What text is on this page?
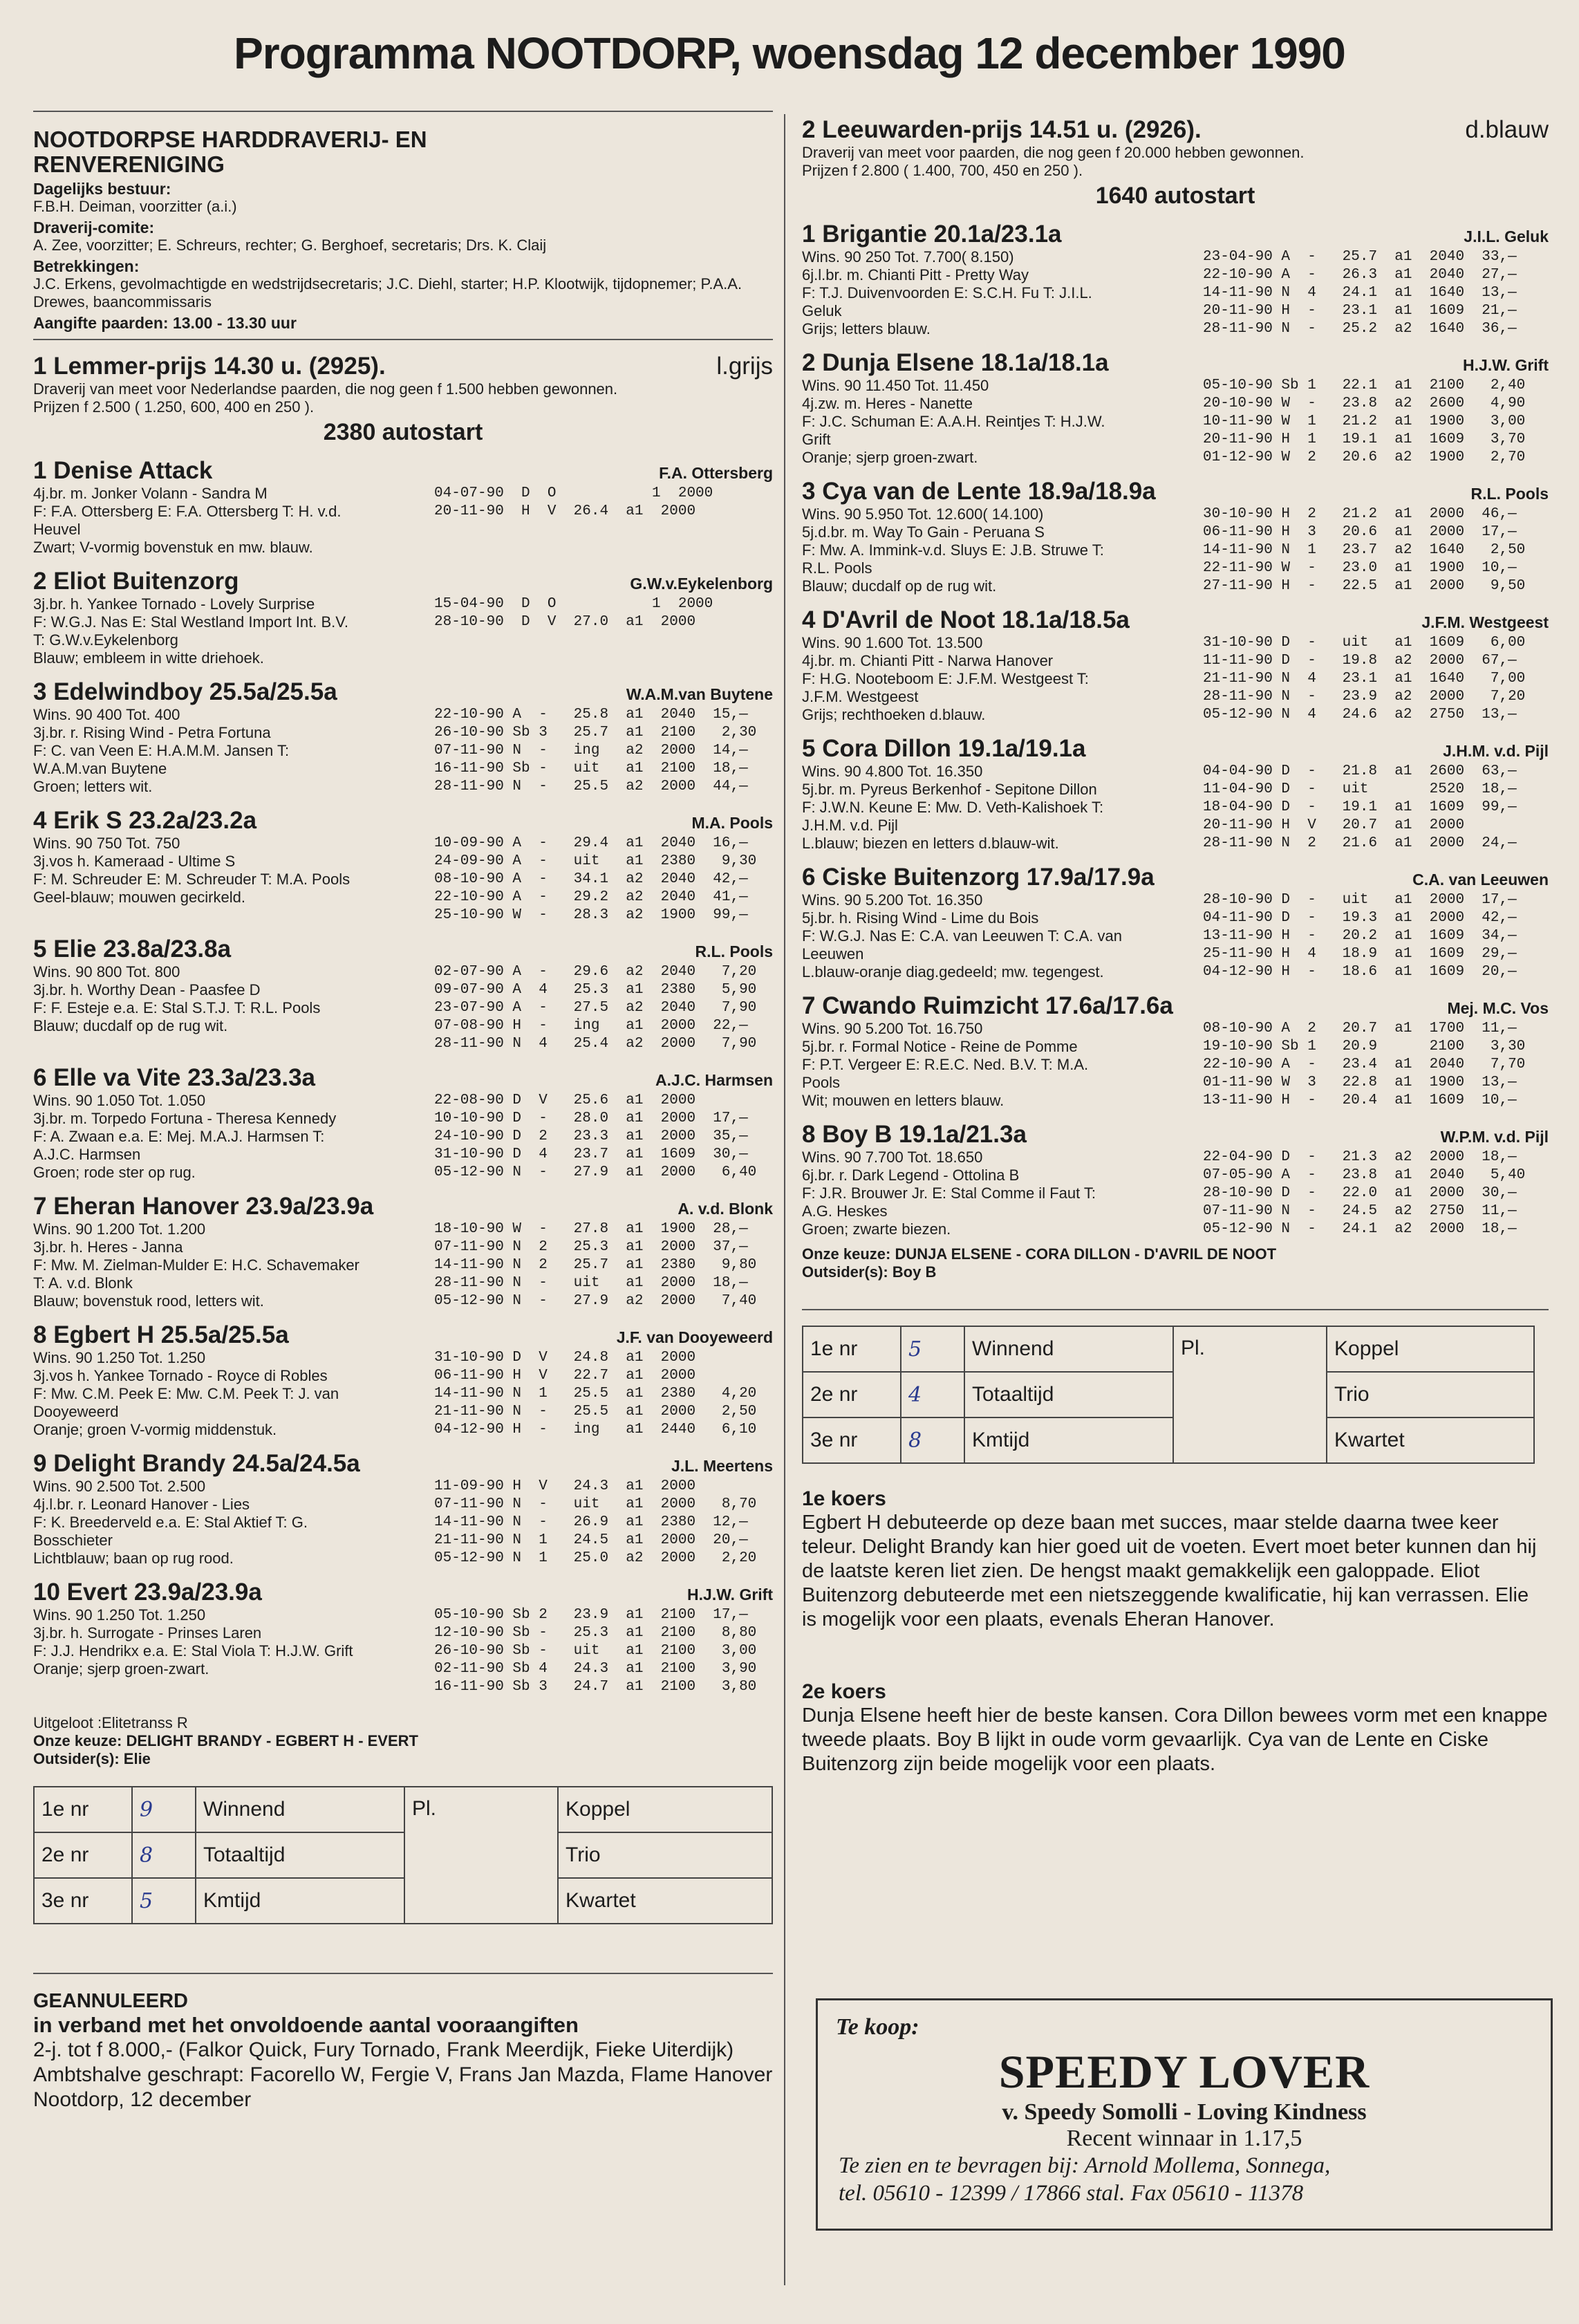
Programma NOOTDORP, woensdag 12 december 1990
NOOTDORPSE HARDDRAVERIJ- EN
RENVERENIGING
Dagelijks bestuur:
F.B.H. Deiman, voorzitter (a.i.)
Draverij-comite:
A. Zee, voorzitter; E. Schreurs, rechter; G. Berghoef, secretaris; Drs. K. Claij
Betrekkingen:
J.C. Erkens, gevolmachtigde en wedstrijdsecretaris; J.C. Diehl, starter; H.P. Klootwijk, tijdopnemer; P.A.A. Drewes, baancommissaris
Aangifte paarden: 13.00 - 13.30 uur
1 Lemmer-prijs 14.30 u. (2925).	l.grijs
Draverij van meet voor Nederlandse paarden, die nog geen f 1.500 hebben gewonnen.
Prijzen f 2.500 ( 1.250, 600, 400 en 250 ).
2380 autostart
1 Denise Attack	F.A. Ottersberg
4j.br. m. Jonker Volann - Sandra M
F: F.A. Ottersberg E: F.A. Ottersberg T: H. v.d.
Heuvel
Zwart; V-vormig bovenstuk en mw. blauw.
04-07-90  D  O           1  2000
20-11-90  H  V  26.4  a1  2000
2 Eliot Buitenzorg	G.W.v.Eykelenborg
3j.br. h. Yankee Tornado - Lovely Surprise
F: W.G.J. Nas E: Stal Westland Import Int. B.V.
T: G.W.v.Eykelenborg
Blauw; embleem in witte driehoek.
15-04-90  D  O           1  2000
28-10-90  D  V  27.0  a1  2000
3 Edelwindboy 25.5a/25.5a	W.A.M.van Buytene
Wins. 90 400 Tot. 400
3j.br. r. Rising Wind - Petra Fortuna
F: C. van Veen E: H.A.M.M. Jansen T:
W.A.M.van Buytene
Groen; letters wit.
22-10-90 A  -   25.8  a1  2040  15,—
26-10-90 Sb 3   25.7  a1  2100   2,30
07-11-90 N  -   ing   a2  2000  14,—
16-11-90 Sb -   uit   a1  2100  18,—
28-11-90 N  -   25.5  a2  2000  44,—
4 Erik S 23.2a/23.2a	M.A. Pools
Wins. 90 750 Tot. 750
3j.vos h. Kameraad - Ultime S
F: M. Schreuder E: M. Schreuder T: M.A. Pools
Geel-blauw; mouwen gecirkeld.
10-09-90 A  -   29.4  a1  2040  16,—
24-09-90 A  -   uit   a1  2380   9,30
08-10-90 A  -   34.1  a2  2040  42,—
22-10-90 A  -   29.2  a2  2040  41,—
25-10-90 W  -   28.3  a2  1900  99,—
5 Elie 23.8a/23.8a	R.L. Pools
Wins. 90 800 Tot. 800
3j.br. h. Worthy Dean - Paasfee D
F: F. Esteje e.a. E: Stal S.T.J. T: R.L. Pools
Blauw; ducdalf op de rug wit.
02-07-90 A  -   29.6  a2  2040   7,20
09-07-90 A  4   25.3  a1  2380   5,90
23-07-90 A  -   27.5  a2  2040   7,90
07-08-90 H  -   ing   a1  2000  22,—
28-11-90 N  4   25.4  a2  2000   7,90
6 Elle va Vite 23.3a/23.3a	A.J.C. Harmsen
Wins. 90 1.050 Tot. 1.050
3j.br. m. Torpedo Fortuna - Theresa Kennedy
F: A. Zwaan e.a. E: Mej. M.A.J. Harmsen T:
A.J.C. Harmsen
Groen; rode ster op rug.
22-08-90 D  V   25.6  a1  2000
10-10-90 D  -   28.0  a1  2000  17,—
24-10-90 D  2   23.3  a1  2000  35,—
31-10-90 D  4   23.7  a1  1609  30,—
05-12-90 N  -   27.9  a1  2000   6,40
7 Eheran Hanover 23.9a/23.9a	A. v.d. Blonk
Wins. 90 1.200 Tot. 1.200
3j.br. h. Heres - Janna
F: Mw. M. Zielman-Mulder E: H.C. Schavemaker
T: A. v.d. Blonk
Blauw; bovenstuk rood, letters wit.
18-10-90 W  -   27.8  a1  1900  28,—
07-11-90 N  2   25.3  a1  2000  37,—
14-11-90 N  2   25.7  a1  2380   9,80
28-11-90 N  -   uit   a1  2000  18,—
05-12-90 N  -   27.9  a2  2000   7,40
8 Egbert H 25.5a/25.5a	J.F. van Dooyeweerd
Wins. 90 1.250 Tot. 1.250
3j.vos h. Yankee Tornado - Royce di Robles
F: Mw. C.M. Peek E: Mw. C.M. Peek T: J. van
Dooyeweerd
Oranje; groen V-vormig middenstuk.
31-10-90 D  V   24.8  a1  2000
06-11-90 H  V   22.7  a1  2000
14-11-90 N  1   25.5  a1  2380   4,20
21-11-90 N  -   25.5  a1  2000   2,50
04-12-90 H  -   ing   a1  2440   6,10
9 Delight Brandy 24.5a/24.5a	J.L. Meertens
Wins. 90 2.500 Tot. 2.500
4j.l.br. r. Leonard Hanover - Lies
F: K. Breederveld e.a. E: Stal Aktief T: G.
Bosschieter
Lichtblauw; baan op rug rood.
11-09-90 H  V   24.3  a1  2000
07-11-90 N  -   uit   a1  2000   8,70
14-11-90 N  -   26.9  a1  2380  12,—
21-11-90 N  1   24.5  a1  2000  20,—
05-12-90 N  1   25.0  a2  2000   2,20
10 Evert 23.9a/23.9a	H.J.W. Grift
Wins. 90 1.250 Tot. 1.250
3j.br. h. Surrogate - Prinses Laren
F: J.J. Hendrikx e.a. E: Stal Viola T: H.J.W. Grift
Oranje; sjerp groen-zwart.
05-10-90 Sb 2   23.9  a1  2100  17,—
12-10-90 Sb -   25.3  a1  2100   8,80
26-10-90 Sb -   uit   a1  2100   3,00
02-11-90 Sb 4   24.3  a1  2100   3,90
16-11-90 Sb 3   24.7  a1  2100   3,80
Uitgeloot :Elitetranss R
Onze keuze: DELIGHT BRANDY - EGBERT H - EVERT
Outsider(s): Elie
1e nr	9	Winnend	Pl.	Koppel
2e nr	8	Totaaltijd		Trio
3e nr	5	Kmtijd		Kwartet
GEANNULEERD
in verband met het onvoldoende aantal vooraangiften
2-j. tot f 8.000,- (Falkor Quick, Fury Tornado, Frank Meerdijk, Fieke Uiterdijk)
Ambtshalve geschrapt: Facorello W, Fergie V, Frans Jan Mazda, Flame Hanover
Nootdorp, 12 december
2 Leeuwarden-prijs 14.51 u. (2926).	d.blauw
Draverij van meet voor paarden, die nog geen f 20.000 hebben gewonnen.
Prijzen f 2.800 ( 1.400, 700, 450 en 250 ).
1640 autostart
1 Brigantie 20.1a/23.1a	J.I.L. Geluk
Wins. 90 250 Tot. 7.700( 8.150)
6j.l.br. m. Chianti Pitt - Pretty Way
F: T.J. Duivenvoorden E: S.C.H. Fu T: J.I.L.
Geluk
Grijs; letters blauw.
23-04-90 A  -   25.7  a1  2040  33,—
22-10-90 A  -   26.3  a1  2040  27,—
14-11-90 N  4   24.1  a1  1640  13,—
20-11-90 H  -   23.1  a1  1609  21,—
28-11-90 N  -   25.2  a2  1640  36,—
2 Dunja Elsene 18.1a/18.1a	H.J.W. Grift
Wins. 90 11.450 Tot. 11.450
4j.zw. m. Heres - Nanette
F: J.C. Schuman E: A.A.H. Reintjes T: H.J.W.
Grift
Oranje; sjerp groen-zwart.
05-10-90 Sb 1   22.1  a1  2100   2,40
20-10-90 W  -   23.8  a2  2600   4,90
10-11-90 W  1   21.2  a1  1900   3,00
20-11-90 H  1   19.1  a1  1609   3,70
01-12-90 W  2   20.6  a2  1900   2,70
3 Cya van de Lente 18.9a/18.9a	R.L. Pools
Wins. 90 5.950 Tot. 12.600( 14.100)
5j.d.br. m. Way To Gain - Peruana S
F: Mw. A. Immink-v.d. Sluys E: J.B. Struwe T:
R.L. Pools
Blauw; ducdalf op de rug wit.
30-10-90 H  2   21.2  a1  2000  46,—
06-11-90 H  3   20.6  a1  2000  17,—
14-11-90 N  1   23.7  a2  1640   2,50
22-11-90 W  -   23.0  a1  1900  10,—
27-11-90 H  -   22.5  a1  2000   9,50
4 D'Avril de Noot 18.1a/18.5a	J.F.M. Westgeest
Wins. 90 1.600 Tot. 13.500
4j.br. m. Chianti Pitt - Narwa Hanover
F: H.G. Nooteboom E: J.F.M. Westgeest T:
J.F.M. Westgeest
Grijs; rechthoeken d.blauw.
31-10-90 D  -   uit   a1  1609   6,00
11-11-90 D  -   19.8  a2  2000  67,—
21-11-90 N  4   23.1  a1  1640   7,00
28-11-90 N  -   23.9  a2  2000   7,20
05-12-90 N  4   24.6  a2  2750  13,—
5 Cora Dillon 19.1a/19.1a	J.H.M. v.d. Pijl
Wins. 90 4.800 Tot. 16.350
5j.br. m. Pyreus Berkenhof - Sepitone Dillon
F: J.W.N. Keune E: Mw. D. Veth-Kalishoek T:
J.H.M. v.d. Pijl
L.blauw; biezen en letters d.blauw-wit.
04-04-90 D  -   21.8  a1  2600  63,—
11-04-90 D  -   uit       2520  18,—
18-04-90 D  -   19.1  a1  1609  99,—
20-11-90 H  V   20.7  a1  2000
28-11-90 N  2   21.6  a1  2000  24,—
6 Ciske Buitenzorg 17.9a/17.9a	C.A. van Leeuwen
Wins. 90 5.200 Tot. 16.350
5j.br. h. Rising Wind - Lime du Bois
F: W.G.J. Nas E: C.A. van Leeuwen T: C.A. van
Leeuwen
L.blauw-oranje diag.gedeeld; mw. tegengest.
28-10-90 D  -   uit   a1  2000  17,—
04-11-90 D  -   19.3  a1  2000  42,—
13-11-90 H  -   20.2  a1  1609  34,—
25-11-90 H  4   18.9  a1  1609  29,—
04-12-90 H  -   18.6  a1  1609  20,—
7 Cwando Ruimzicht 17.6a/17.6a	Mej. M.C. Vos
Wins. 90 5.200 Tot. 16.750
5j.br. r. Formal Notice - Reine de Pomme
F: P.T. Vergeer E: R.E.C. Ned. B.V. T: M.A.
Pools
Wit; mouwen en letters blauw.
08-10-90 A  2   20.7  a1  1700  11,—
19-10-90 Sb 1   20.9      2100   3,30
22-10-90 A  -   23.4  a1  2040   7,70
01-11-90 W  3   22.8  a1  1900  13,—
13-11-90 H  -   20.4  a1  1609  10,—
8 Boy B 19.1a/21.3a	W.P.M. v.d. Pijl
Wins. 90 7.700 Tot. 18.650
6j.br. r. Dark Legend - Ottolina B
F: J.R. Brouwer Jr. E: Stal Comme il Faut T:
A.G. Heskes
Groen; zwarte biezen.
22-04-90 D  -   21.3  a2  2000  18,—
07-05-90 A  -   23.8  a1  2040   5,40
28-10-90 D  -   22.0  a1  2000  30,—
07-11-90 N  -   24.5  a2  2750  11,—
05-12-90 N  -   24.1  a2  2000  18,—
Onze keuze: DUNJA ELSENE - CORA DILLON - D'AVRIL DE NOOT
Outsider(s): Boy B
1e nr	5	Winnend	Pl.	Koppel
2e nr	4	Totaaltijd		Trio
3e nr	8	Kmtijd		Kwartet
1e koers
Egbert H debuteerde op deze baan met succes, maar stelde daarna twee keer teleur. Delight Brandy kan hier goed uit de voeten. Evert moet beter kunnen dan hij de laatste keren liet zien. De hengst maakt gemakkelijk een galoppade. Eliot Buitenzorg debuteerde met een nietszeggende kwalificatie, hij kan verrassen. Elie is mogelijk voor een plaats, evenals Eheran Hanover.
2e koers
Dunja Elsene heeft hier de beste kansen. Cora Dillon bewees vorm met een knappe tweede plaats. Boy B lijkt in oude vorm gevaarlijk. Cya van de Lente en Ciske Buitenzorg zijn beide mogelijk voor een plaats.
Te koop:
SPEEDY LOVER
v. Speedy Somolli - Loving Kindness
Recent winnaar in 1.17,5
Te zien en te bevragen bij: Arnold Mollema, Sonnega,
tel. 05610 - 12399 / 17866 stal. Fax 05610 - 11378
